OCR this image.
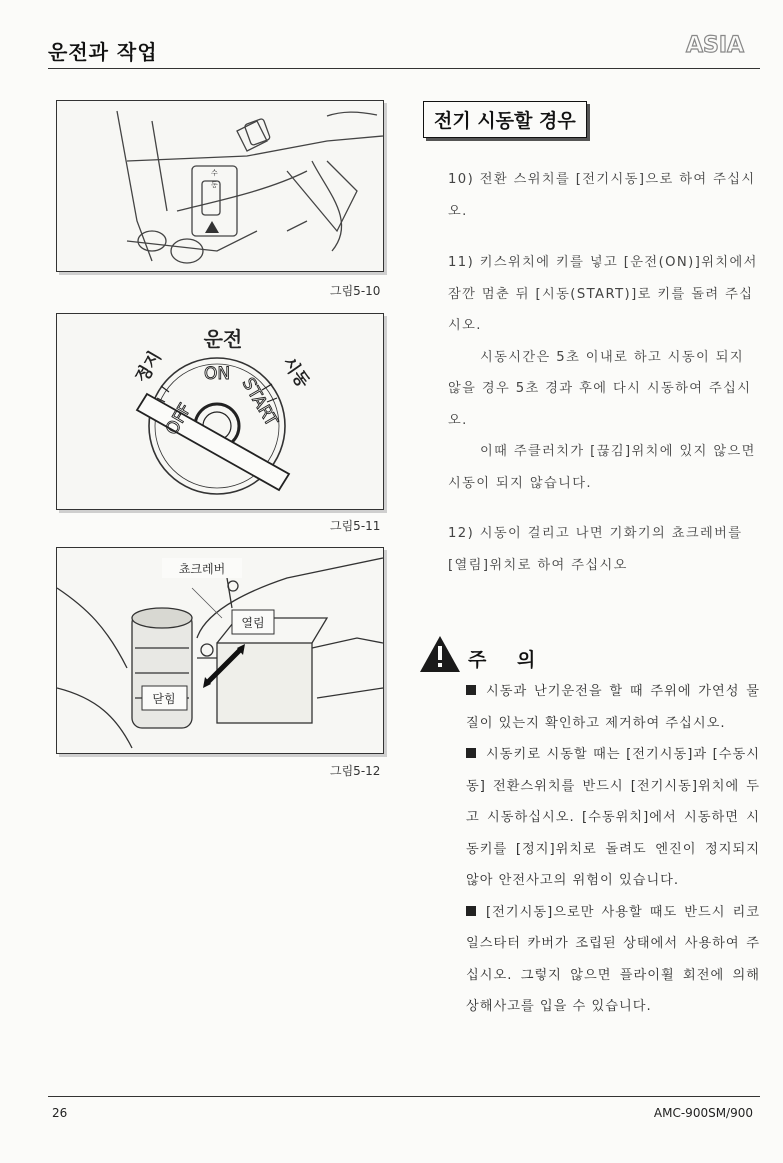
운전과 작업	ASIA
수
동
그림5-10
운전
정지	시동
OFF
ON
START
그림5-11
쵸크레버
열림
닫힘
그림5-12
전기 시동할 경우
10) 전환 스위치를 [전기시동]으로 하여 주십시오.
11) 키스위치에 키를 넣고 [운전(ON)]위치에서 잠깐 멈춘 뒤 [시동(START)]로 키를 돌려 주십시오.
시동시간은 5초 이내로 하고 시동이 되지 않을 경우 5초 경과 후에 다시 시동하여 주십시오.
이때 주클러치가 [끊김]위치에 있지 않으면 시동이 되지 않습니다.
12) 시동이 걸리고 나면 기화기의 쵸크레버를 [열림]위치로 하여 주십시오
주 의

시동과 난기운전을 할 때 주위에 가연성 물질이 있는지 확인하고 제거하여 주십시오.

시동키로 시동할 때는 [전기시동]과 [수동시동] 전환스위치를 반드시 [전기시동]위치에 두고 시동하십시오. [수동위치]에서 시동하면 시동키를 [정지]위치로 돌려도 엔진이 정지되지 않아 안전사고의 위험이 있습니다.

[전기시동]으로만 사용할 때도 반드시 리코일스타터 카버가 조립된 상태에서 사용하여 주십시오. 그렇지 않으면 플라이휠 회전에 의해 상해사고를 입을 수 있습니다.

26	AMC-900SM/900
